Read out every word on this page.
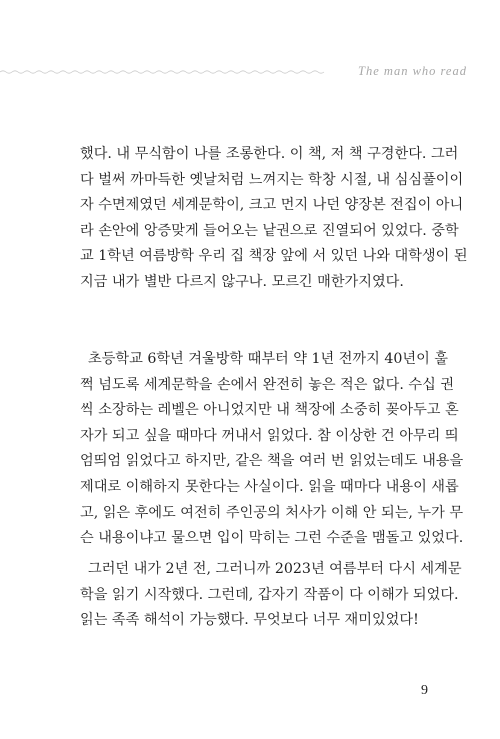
The man who read
했다. 내 무식함이 나를 조롱한다. 이 책, 저 책 구경한다. 그러
다 벌써 까마득한 옛날처럼 느껴지는 학창 시절, 내 심심풀이이
자 수면제였던 세계문학이, 크고 먼지 나던 양장본 전집이 아니
라 손안에 앙증맞게 들어오는 낱권으로 진열되어 있었다. 중학
교 1학년 여름방학 우리 집 책장 앞에 서 있던 나와 대학생이 된
지금 내가 별반 다르지 않구나. 모르긴 매한가지였다.
초등학교 6학년 겨울방학 때부터 약 1년 전까지 40년이 훌
쩍 넘도록 세계문학을 손에서 완전히 놓은 적은 없다. 수십 권
씩 소장하는 레벨은 아니었지만 내 책장에 소중히 꽂아두고 혼
자가 되고 싶을 때마다 꺼내서 읽었다. 참 이상한 건 아무리 띄
엄띄엄 읽었다고 하지만, 같은 책을 여러 번 읽었는데도 내용을
제대로 이해하지 못한다는 사실이다. 읽을 때마다 내용이 새롭
고, 읽은 후에도 여전히 주인공의 처사가 이해 안 되는, 누가 무
슨 내용이냐고 물으면 입이 막히는 그런 수준을 맴돌고 있었다.
그러던 내가 2년 전, 그러니까 2023년 여름부터 다시 세계문
학을 읽기 시작했다. 그런데, 갑자기 작품이 다 이해가 되었다.
읽는 족족 해석이 가능했다. 무엇보다 너무 재미있었다!
9
